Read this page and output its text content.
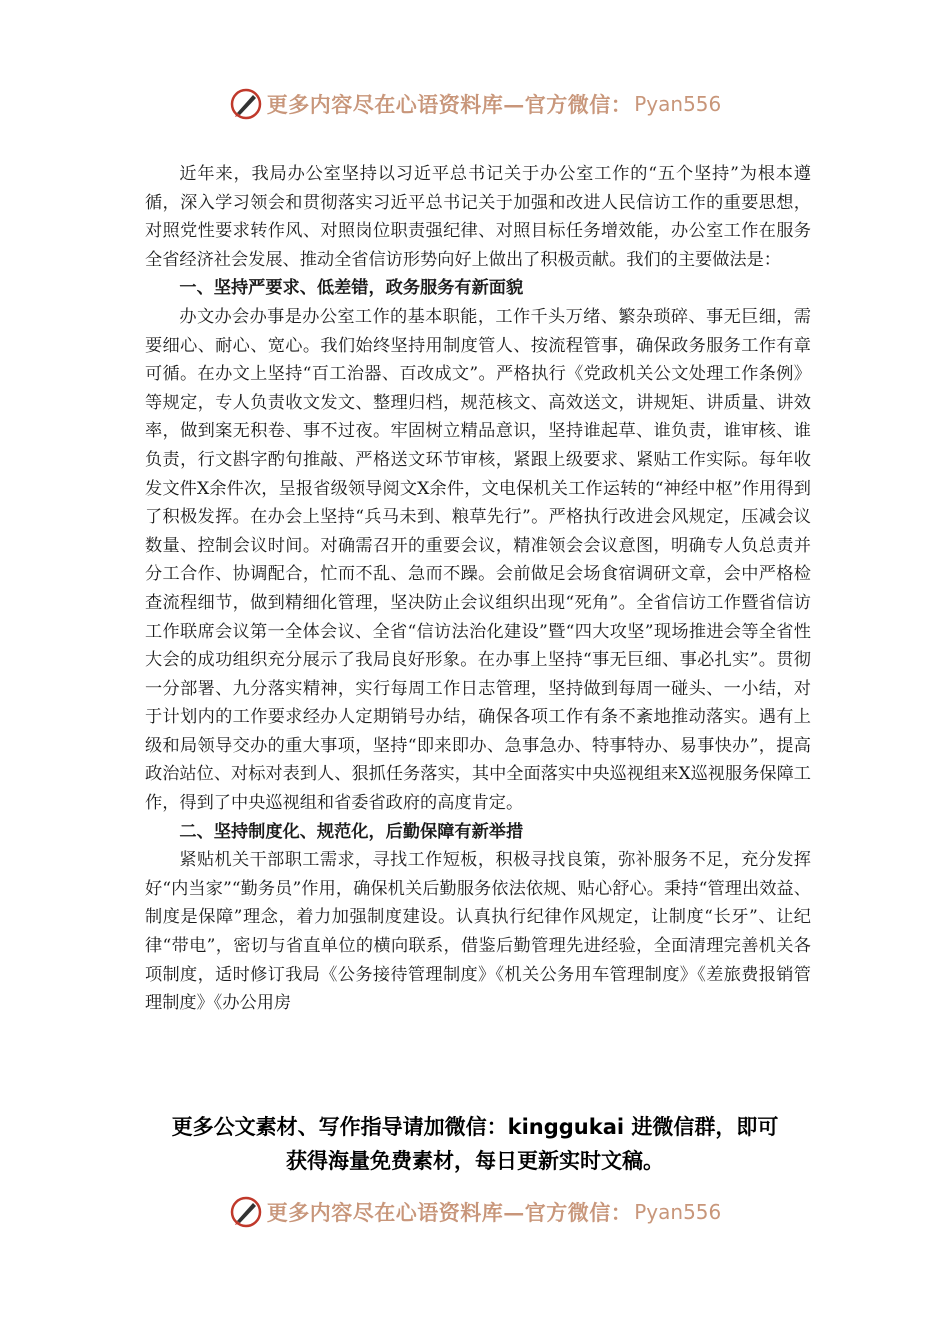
更多内容尽在心语资料库—官方微信： Pyan556

近年来，我局办公室坚持以习近平总书记关于办公室工作的“五个坚持”为根本遵循，深入学习领会和贯彻落实习近平总书记关于加强和改进人民信访工作的重要思想，对照党性要求转作风、对照岗位职责强纪律、对照目标任务增效能，办公室工作在服务全省经济社会发展、推动全省信访形势向好上做出了积极贡献。我们的主要做法是：

一、坚持严要求、低差错，政务服务有新面貌

办文办会办事是办公室工作的基本职能，工作千头万绪、繁杂琐碎、事无巨细，需要细心、耐心、宽心。我们始终坚持用制度管人、按流程管事，确保政务服务工作有章可循。在办文上坚持“百工治器、百改成文”。严格执行《党政机关公文处理工作条例》等规定，专人负责收文发文、整理归档，规范核文、高效送文，讲规矩、讲质量、讲效率，做到案无积卷、事不过夜。牢固树立精品意识，坚持谁起草、谁负责，谁审核、谁负责，行文斟字酌句推敲、严格送文环节审核，紧跟上级要求、紧贴工作实际。每年收发文件X余件次，呈报省级领导阅文X余件，文电保机关工作运转的“神经中枢”作用得到了积极发挥。在办会上坚持“兵马未到、粮草先行”。严格执行改进会风规定，压减会议数量、控制会议时间。对确需召开的重要会议，精准领会会议意图，明确专人负总责并分工合作、协调配合，忙而不乱、急而不躁。会前做足会场食宿调研文章，会中严格检查流程细节，做到精细化管理，坚决防止会议组织出现“死角”。全省信访工作暨省信访工作联席会议第一全体会议、全省“信访法治化建设”暨“四大攻坚”现场推进会等全省性大会的成功组织充分展示了我局良好形象。在办事上坚持“事无巨细、事必扎实”。贯彻一分部署、九分落实精神，实行每周工作日志管理，坚持做到每周一碰头、一小结，对于计划内的工作要求经办人定期销号办结，确保各项工作有条不紊地推动落实。遇有上级和局领导交办的重大事项，坚持“即来即办、急事急办、特事特办、易事快办”，提高政治站位、对标对表到人、狠抓任务落实，其中全面落实中央巡视组来X巡视服务保障工作，得到了中央巡视组和省委省政府的高度肯定。

二、坚持制度化、规范化，后勤保障有新举措

紧贴机关干部职工需求，寻找工作短板，积极寻找良策，弥补服务不足，充分发挥好“内当家”“勤务员”作用，确保机关后勤服务依法依规、贴心舒心。秉持“管理出效益、制度是保障”理念，着力加强制度建设。认真执行纪律作风规定，让制度“长牙”、让纪律“带电”，密切与省直单位的横向联系，借鉴后勤管理先进经验，全面清理完善机关各项制度，适时修订我局《公务接待管理制度》《机关公务用车管理制度》《差旅费报销管理制度》《办公用房

更多公文素材、写作指导请加微信：kinggukai 进微信群，即可
获得海量免费素材，每日更新实时文稿。
更多内容尽在心语资料库—官方微信： Pyan556
